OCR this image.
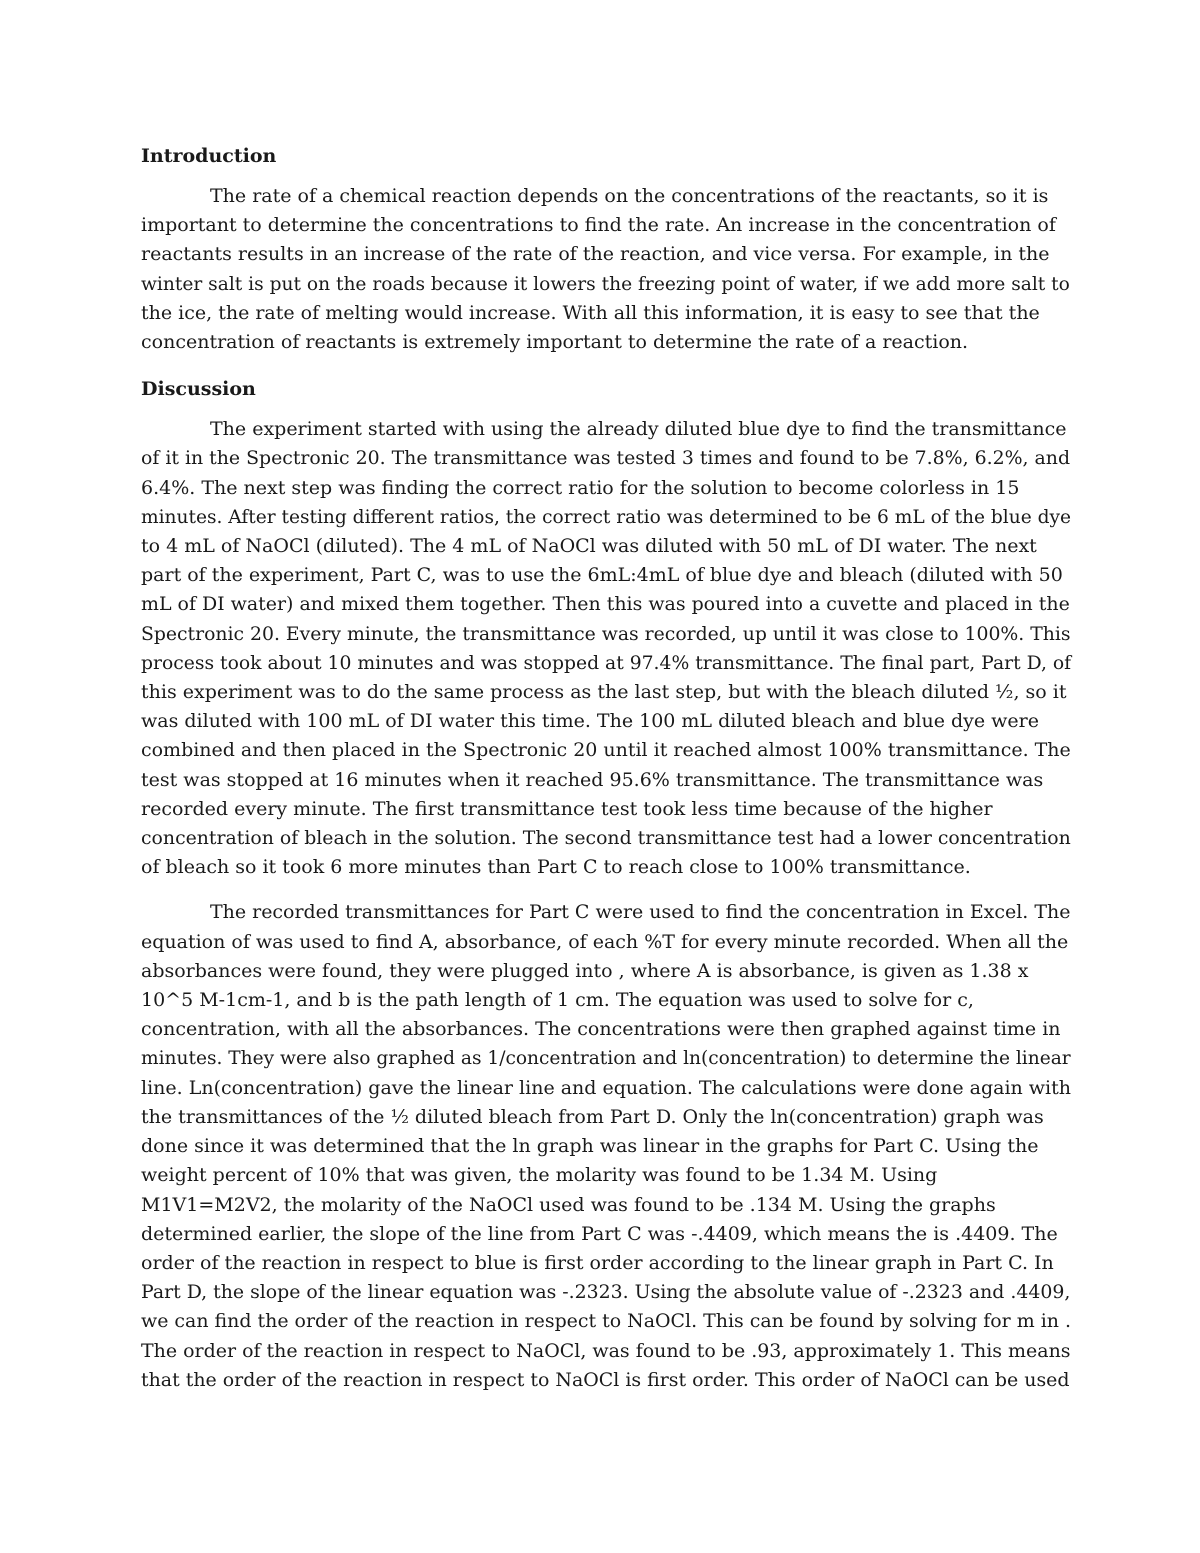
Introduction
The rate of a chemical reaction depends on the concentrations of the reactants, so it is
important to determine the concentrations to find the rate. An increase in the concentration of
reactants results in an increase of the rate of the reaction, and vice versa. For example, in the
winter salt is put on the roads because it lowers the freezing point of water, if we add more salt to
the ice, the rate of melting would increase. With all this information, it is easy to see that the
concentration of reactants is extremely important to determine the rate of a reaction.
Discussion
The experiment started with using the already diluted blue dye to find the transmittance
of it in the Spectronic 20. The transmittance was tested 3 times and found to be 7.8%, 6.2%, and
6.4%. The next step was finding the correct ratio for the solution to become colorless in 15
minutes. After testing different ratios, the correct ratio was determined to be 6 mL of the blue dye
to 4 mL of NaOCl (diluted). The 4 mL of NaOCl was diluted with 50 mL of DI water. The next
part of the experiment, Part C, was to use the 6mL:4mL of blue dye and bleach (diluted with 50
mL of DI water) and mixed them together. Then this was poured into a cuvette and placed in the
Spectronic 20. Every minute, the transmittance was recorded, up until it was close to 100%. This
process took about 10 minutes and was stopped at 97.4% transmittance. The final part, Part D, of
this experiment was to do the same process as the last step, but with the bleach diluted ½, so it
was diluted with 100 mL of DI water this time. The 100 mL diluted bleach and blue dye were
combined and then placed in the Spectronic 20 until it reached almost 100% transmittance. The
test was stopped at 16 minutes when it reached 95.6% transmittance. The transmittance was
recorded every minute. The first transmittance test took less time because of the higher
concentration of bleach in the solution. The second transmittance test had a lower concentration
of bleach so it took 6 more minutes than Part C to reach close to 100% transmittance.
The recorded transmittances for Part C were used to find the concentration in Excel. The
equation of was used to find A, absorbance, of each %T for every minute recorded. When all the
absorbances were found, they were plugged into , where A is absorbance, is given as 1.38 x
10^5 M-1cm-1, and b is the path length of 1 cm. The equation was used to solve for c,
concentration, with all the absorbances. The concentrations were then graphed against time in
minutes. They were also graphed as 1/concentration and ln(concentration) to determine the linear
line. Ln(concentration) gave the linear line and equation. The calculations were done again with
the transmittances of the ½ diluted bleach from Part D. Only the ln(concentration) graph was
done since it was determined that the ln graph was linear in the graphs for Part C. Using the
weight percent of 10% that was given, the molarity was found to be 1.34 M. Using
M1V1=M2V2, the molarity of the NaOCl used was found to be .134 M. Using the graphs
determined earlier, the slope of the line from Part C was -.4409, which means the is .4409. The
order of the reaction in respect to blue is first order according to the linear graph in Part C. In
Part D, the slope of the linear equation was -.2323. Using the absolute value of -.2323 and .4409,
we can find the order of the reaction in respect to NaOCl. This can be found by solving for m in .
The order of the reaction in respect to NaOCl, was found to be .93, approximately 1. This means
that the order of the reaction in respect to NaOCl is first order. This order of NaOCl can be used
